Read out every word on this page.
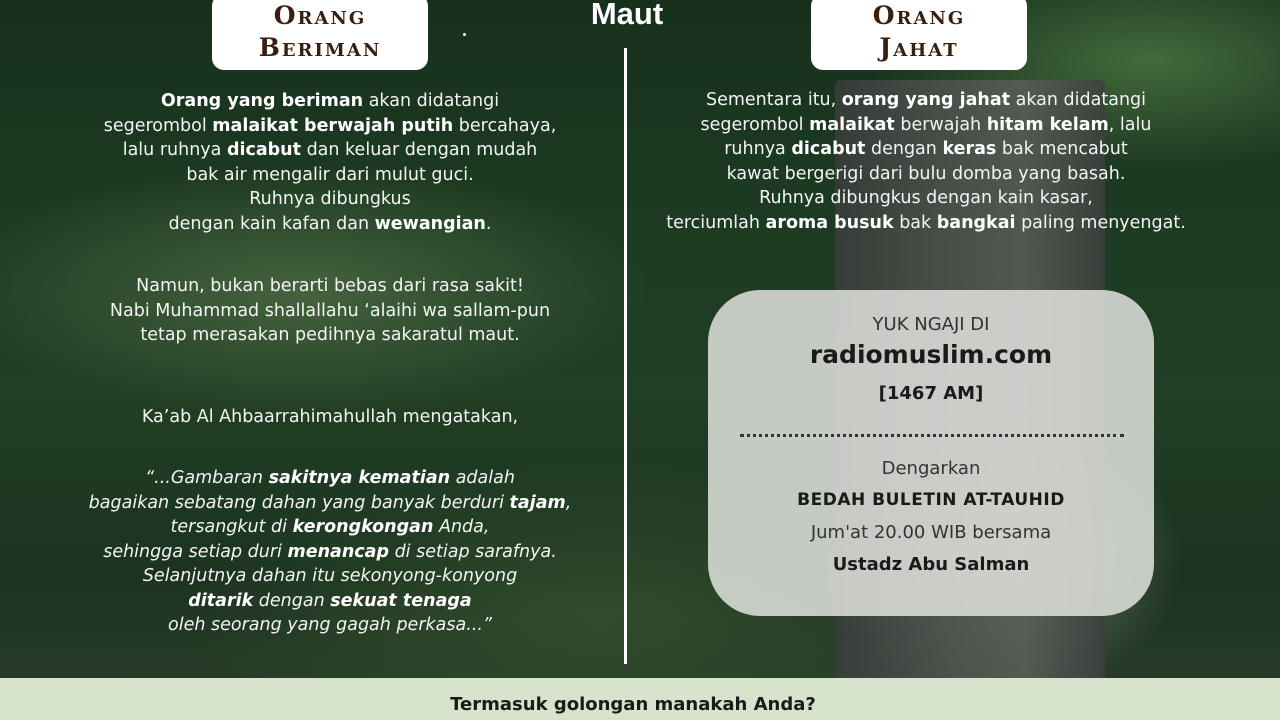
Orang
Beriman
Maut	Orang
Jahat
Orang yang beriman akan didatangi
segerombol malaikat berwajah putih bercahaya,
lalu ruhnya dicabut dan keluar dengan mudah
bak air mengalir dari mulut guci.
Ruhnya dibungkus
dengan kain kafan dan wewangian.
Namun, bukan berarti bebas dari rasa sakit!
Nabi Muhammad shallallahu ‘alaihi wa sallam-pun
tetap merasakan pedihnya sakaratul maut.
Ka’ab Al Ahbaarrahimahullah mengatakan,
“...Gambaran sakitnya kematian adalah
bagaikan sebatang dahan yang banyak berduri tajam,
tersangkut di kerongkongan Anda,
sehingga setiap duri menancap di setiap sarafnya.
Selanjutnya dahan itu sekonyong-konyong
ditarik dengan sekuat tenaga
oleh seorang yang gagah perkasa...”
Sementara itu, orang yang jahat akan didatangi
segerombol malaikat berwajah hitam kelam, lalu
ruhnya dicabut dengan keras bak mencabut
kawat bergerigi dari bulu domba yang basah.
Ruhnya dibungkus dengan kain kasar,
terciumlah aroma busuk bak bangkai paling menyengat.
YUK NGAJI DI
radiomuslim.com
[1467 AM]
Dengarkan
BEDAH BULETIN AT-TAUHID
Jum'at 20.00 WIB bersama
Ustadz Abu Salman
Termasuk golongan manakah Anda?
